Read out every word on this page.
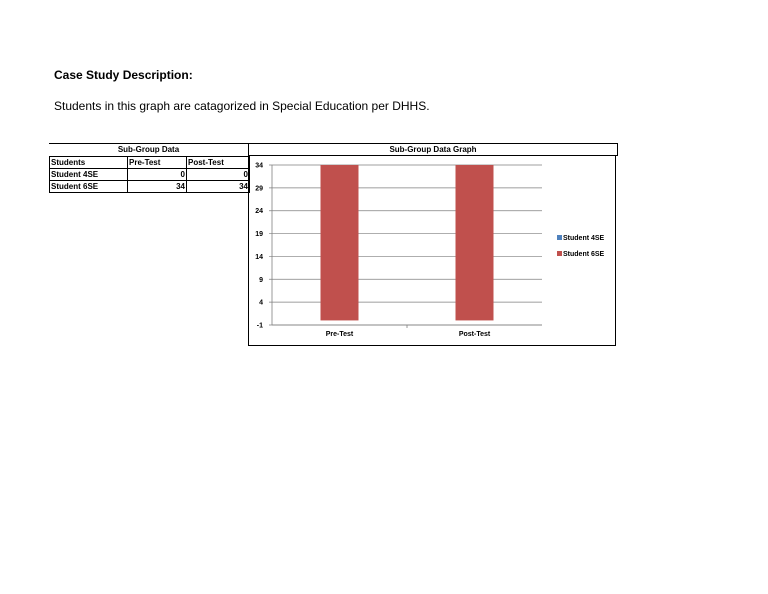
Case Study Description:
Students in this graph are catagorized in Special Education per DHHS.
Sub-Group Data
Students	Pre-Test	Post-Test
Student 4SE	0	0
Student 6SE	34	34
Sub-Group Data Graph
34
29
24
19
14
9
4
-1
Pre-Test	Post-Test
Student 4SE
Student 6SE
